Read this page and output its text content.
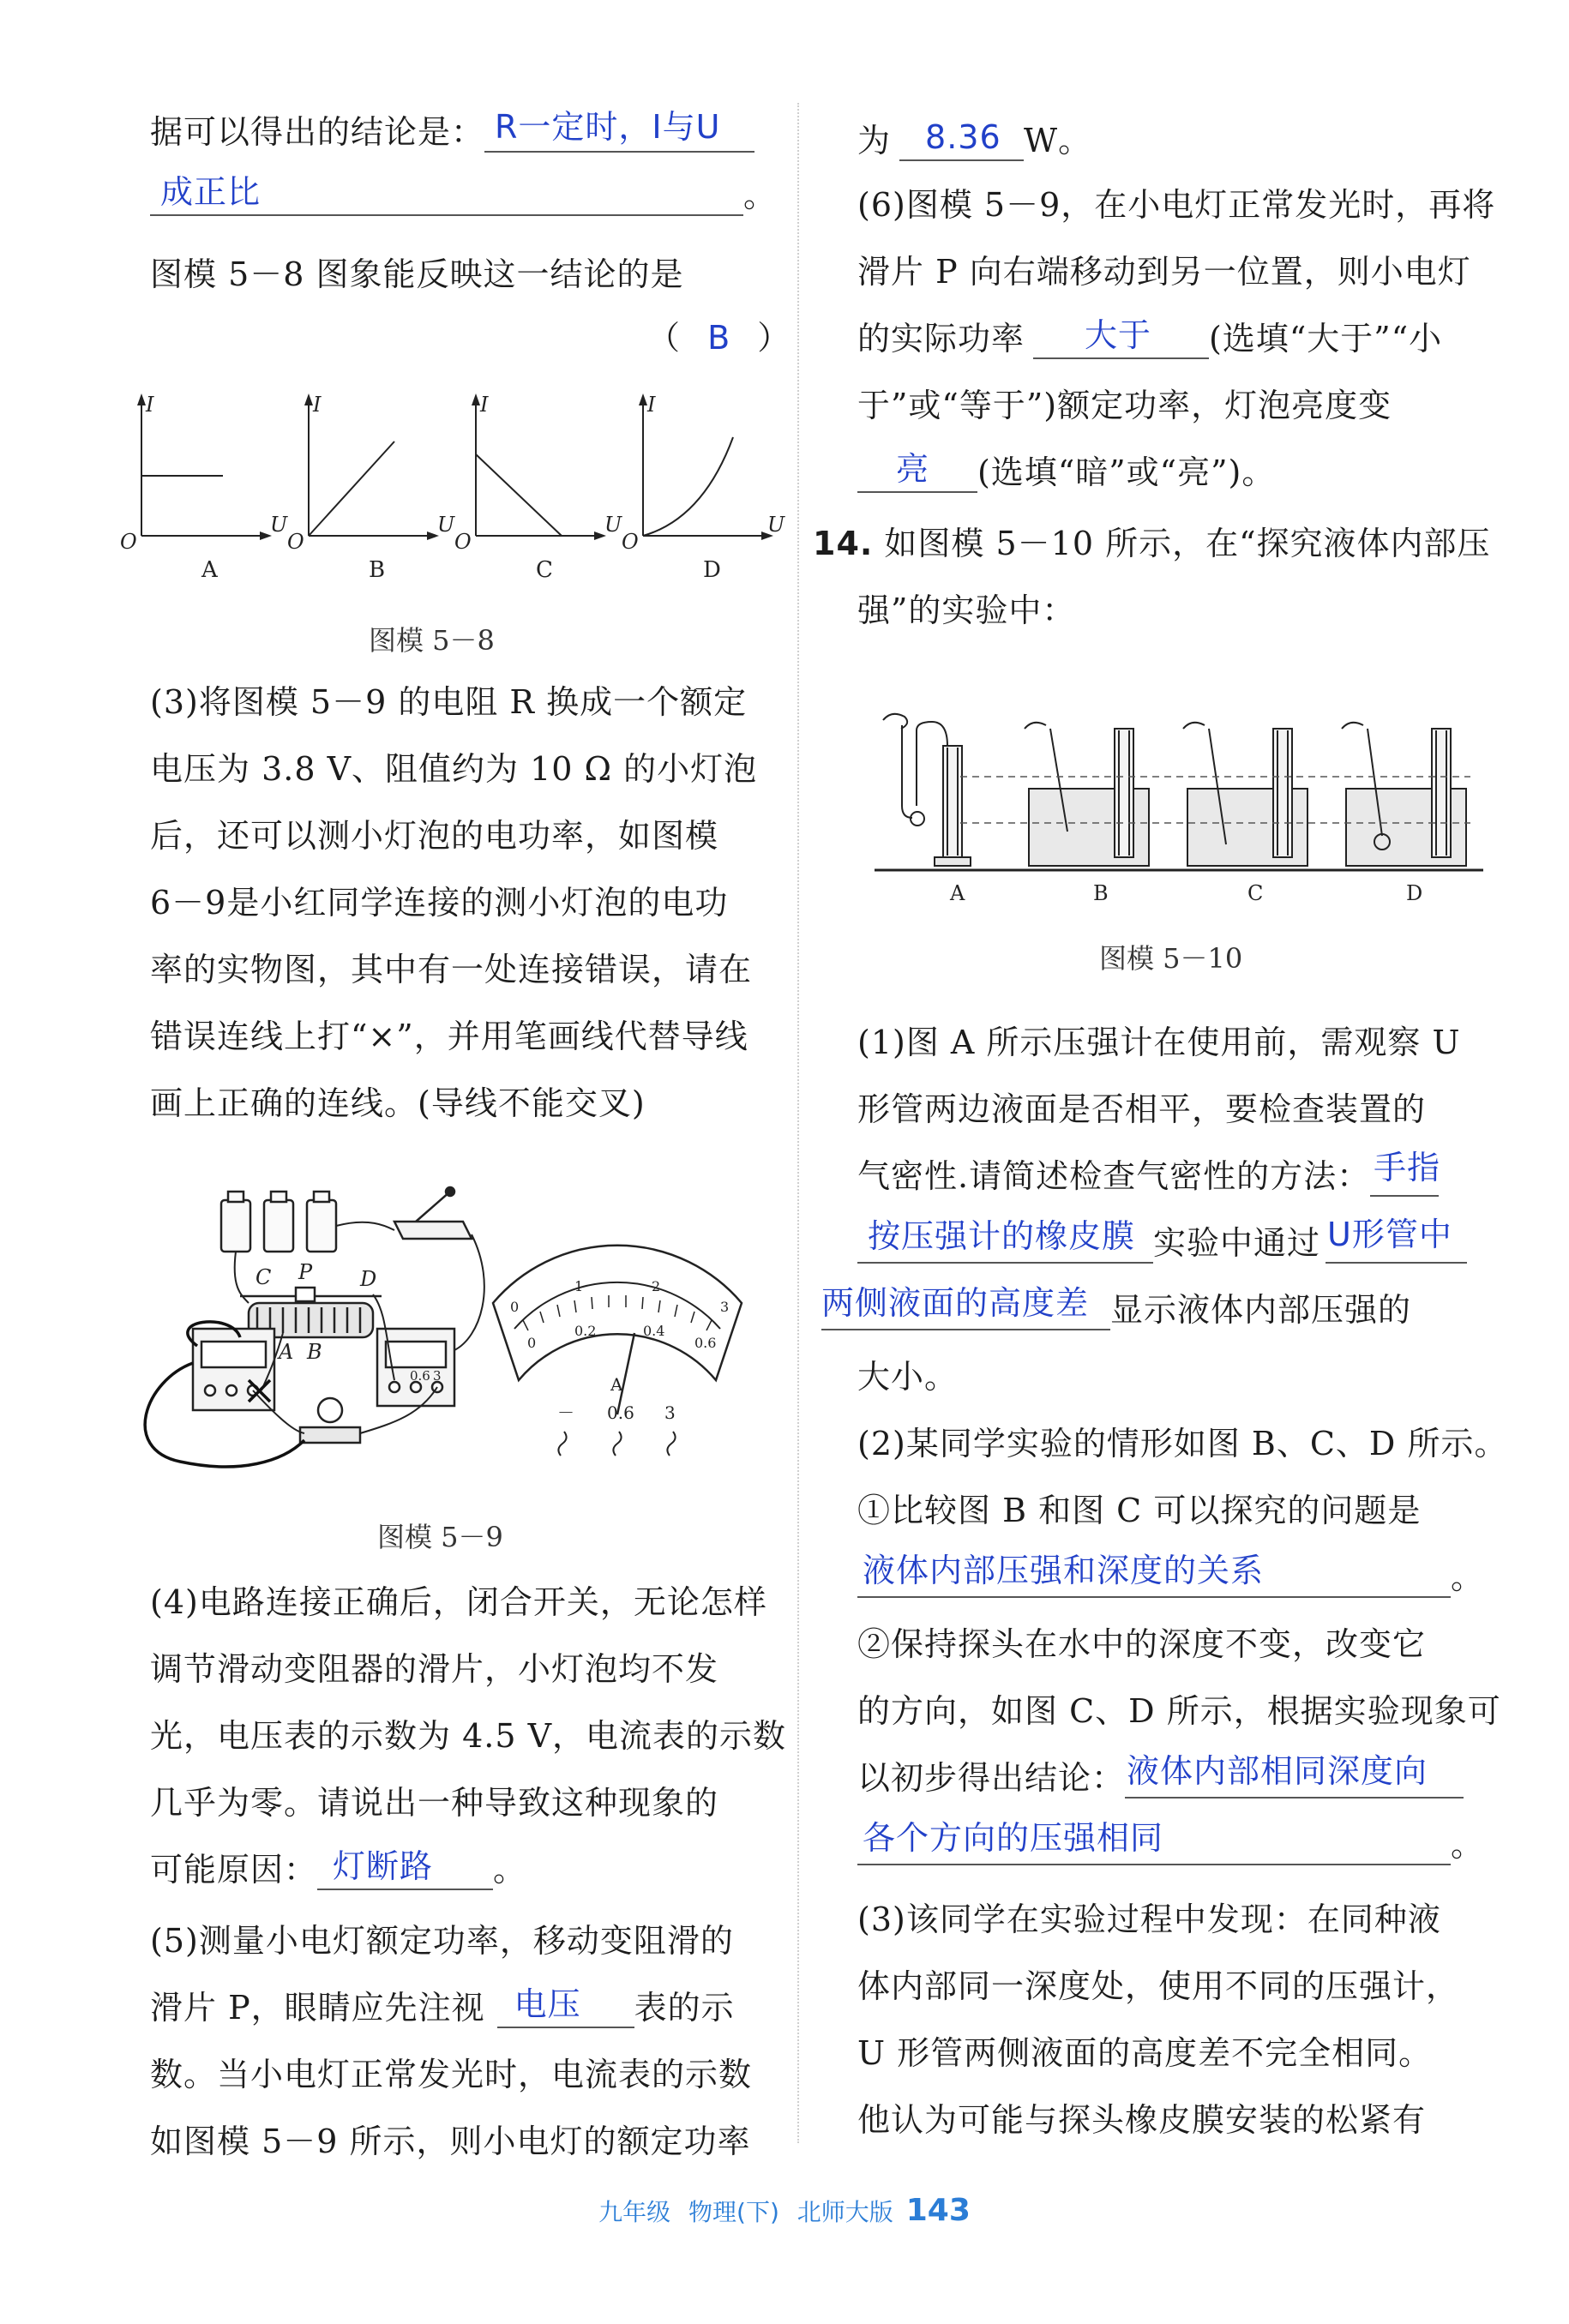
据可以得出的结论是： R一定时，I与U
成正比	。
图模 5－8 图象能反映这一结论的是
（ B ）
I	I	I	I
U	U	U	U
O	O	O	O
A	B	C	D
图模 5－8
(3)将图模 5－9 的电阻 R 换成一个额定
电压为 3.8 V、阻值约为 10 Ω 的小灯泡
后，还可以测小灯泡的电功率，如图模
6－9是小红同学连接的测小灯泡的电功
率的实物图，其中有一处连接错误，请在
错误连线上打“×”，并用笔画线代替导线
画上正确的连线。(导线不能交叉)
C P D
A B
0.6 3
0
1	2
3
0
0.2	0.4
0.6
A
－ 0.6 3
图模 5－9
(4)电路连接正确后，闭合开关，无论怎样
调节滑动变阻器的滑片，小灯泡均不发
光，电压表的示数为 4.5 V，电流表的示数
几乎为零。请说出一种导致这种现象的
可能原因： 灯断路 。
(5)测量小电灯额定功率，移动变阻滑的
滑片 P，眼睛应先注视 电压 表的示
数。当小电灯正常发光时，电流表的示数
如图模 5－9 所示，则小电灯的额定功率
为 8.36 W。
(6)图模 5－9，在小电灯正常发光时，再将
滑片 P 向右端移动到另一位置，则小电灯
的实际功率 大于 (选填“大于”“小
于”或“等于”)额定功率，灯泡亮度变
亮 (选填“暗”或“亮”)。
14. 如图模 5－10 所示，在“探究液体内部压
强”的实验中：
A	B	C	D
图模 5－10
(1)图 A 所示压强计在使用前，需观察 U
形管两边液面是否相平，要检查装置的
气密性.请简述检查气密性的方法： 手指
按压强计的橡皮膜 实验中通过 U形管中
两侧液面的高度差 显示液体内部压强的
大小。
(2)某同学实验的情形如图 B、C、D 所示。
①比较图 B 和图 C 可以探究的问题是
液体内部压强和深度的关系	。
②保持探头在水中的深度不变，改变它
的方向，如图 C、D 所示，根据实验现象可
以初步得出结论： 液体内部相同深度向
各个方向的压强相同	。
(3)该同学在实验过程中发现：在同种液
体内部同一深度处，使用不同的压强计，
U 形管两侧液面的高度差不完全相同。
他认为可能与探头橡皮膜安装的松紧有
九年级 物理(下) 北师大版 143
